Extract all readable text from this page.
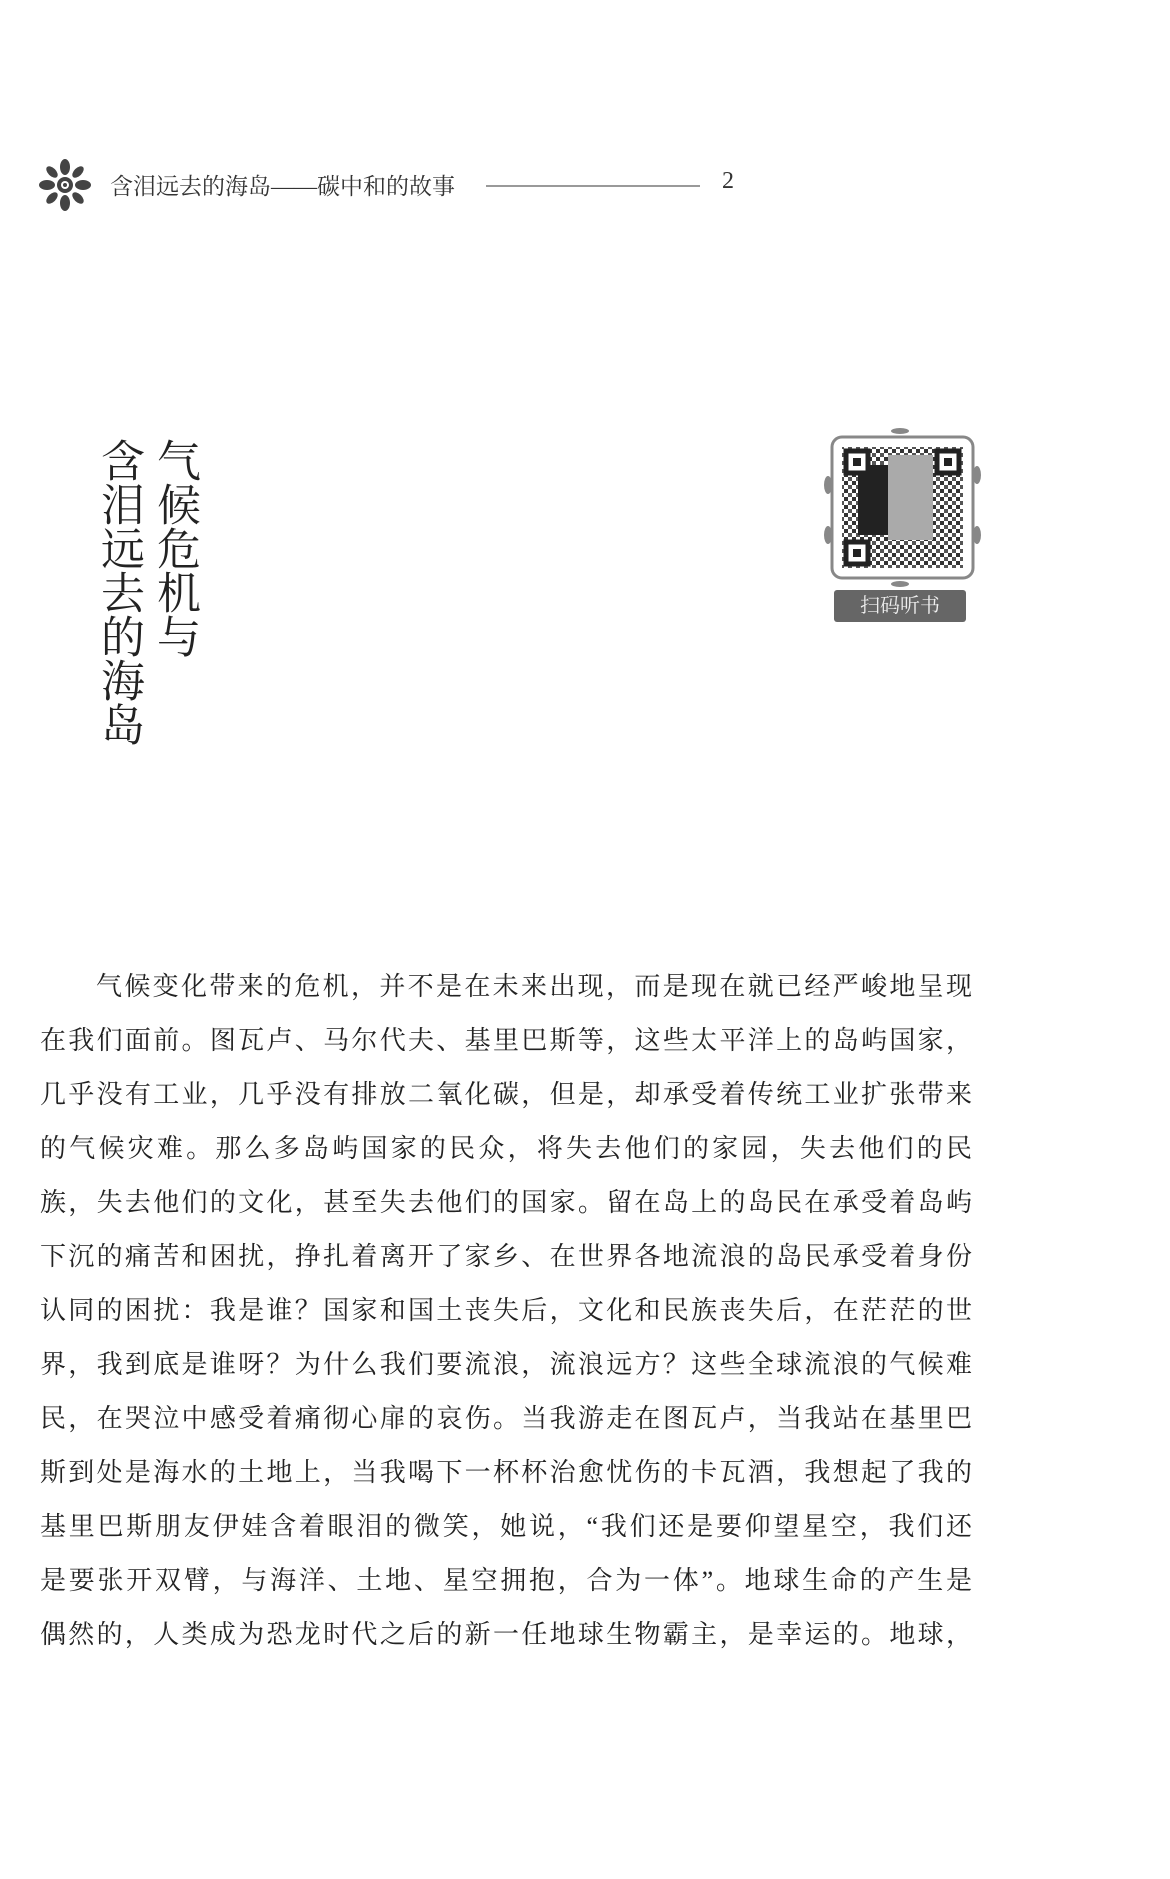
含泪远去的海岛——碳中和的故事	2
气候危机与
含泪远去的海岛	扫码听书
气候变化带来的危机，并不是在未来出现，而是现在就已经严峻地呈现
在我们面前。图瓦卢、马尔代夫、基里巴斯等，这些太平洋上的岛屿国家，
几乎没有工业，几乎没有排放二氧化碳，但是，却承受着传统工业扩张带来
的气候灾难。那么多岛屿国家的民众，将失去他们的家园，失去他们的民
族，失去他们的文化，甚至失去他们的国家。留在岛上的岛民在承受着岛屿
下沉的痛苦和困扰，挣扎着离开了家乡、在世界各地流浪的岛民承受着身份
认同的困扰：我是谁？国家和国土丧失后，文化和民族丧失后，在茫茫的世
界，我到底是谁呀？为什么我们要流浪，流浪远方？这些全球流浪的气候难
民，在哭泣中感受着痛彻心扉的哀伤。当我游走在图瓦卢，当我站在基里巴
斯到处是海水的土地上，当我喝下一杯杯治愈忧伤的卡瓦酒，我想起了我的
基里巴斯朋友伊娃含着眼泪的微笑，她说，“我们还是要仰望星空，我们还
是要张开双臂，与海洋、土地、星空拥抱，合为一体”。地球生命的产生是
偶然的，人类成为恐龙时代之后的新一任地球生物霸主，是幸运的。地球，
